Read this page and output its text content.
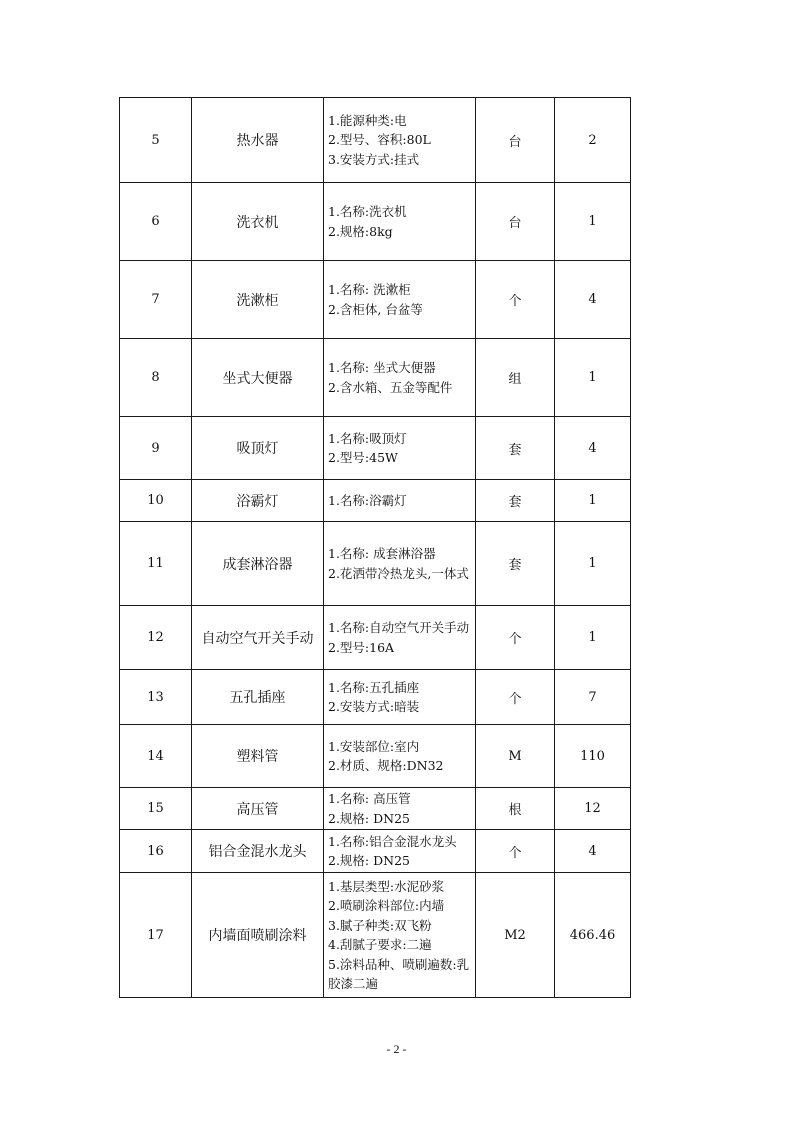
5	热水器	1.能源种类:电
2.型号、容积:80L
3.安装方式:挂式	台	2
6	洗衣机	1.名称:洗衣机
2.规格:8kg	台	1
7	洗漱柜	1.名称: 洗漱柜
2.含柜体, 台盆等	个	4
8	坐式大便器	1.名称: 坐式大便器
2.含水箱、五金等配件	组	1
9	吸顶灯	1.名称:吸顶灯
2.型号:45W	套	4
10	浴霸灯	1.名称:浴霸灯	套	1
11	成套淋浴器	1.名称: 成套淋浴器
2.花洒带冷热龙头,一体式	套	1
12	自动空气开关手动	1.名称:自动空气开关手动
2.型号:16A	个	1
13	五孔插座	1.名称:五孔插座
2.安装方式:暗装	个	7
14	塑料管	1.安装部位:室内
2.材质、规格:DN32	M	110
15	高压管	1.名称: 高压管
2.规格: DN25	根	12
16	铝合金混水龙头	1.名称:铝合金混水龙头
2.规格: DN25	个	4
17	内墙面喷刷涂料	1.基层类型:水泥砂浆
2.喷刷涂料部位:内墙
3.腻子种类:双飞粉
4.刮腻子要求:二遍
5.涂料品种、喷刷遍数:乳胶漆二遍	M2	466.46
- 2 -
